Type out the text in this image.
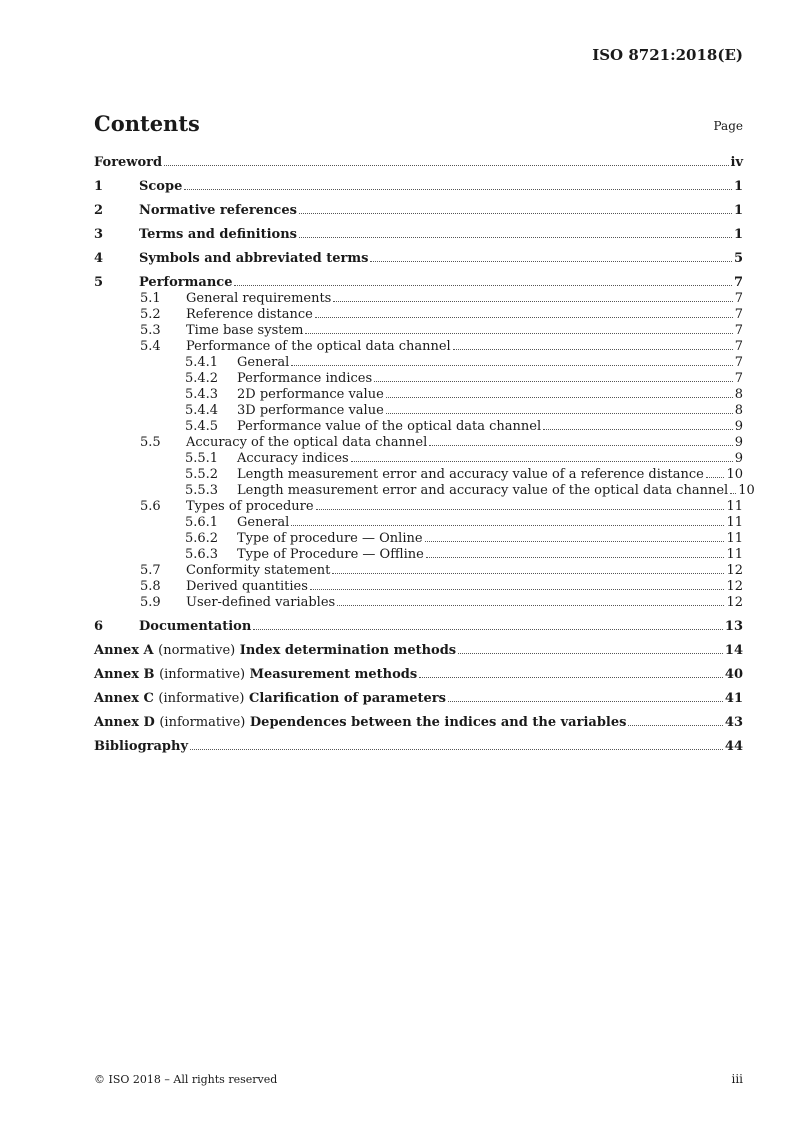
ISO 8721:2018(E)
Contents	Page
Foreword	iv
1	Scope	1
2	Normative references	1
3	Terms and definitions	1
4	Symbols and abbreviated terms	5
5	Performance	7
5.1	General requirements	7
5.2	Reference distance	7
5.3	Time base system	7
5.4	Performance of the optical data channel	7
5.4.1	General	7
5.4.2	Performance indices	7
5.4.3	2D performance value	8
5.4.4	3D performance value	8
5.4.5	Performance value of the optical data channel	9
5.5	Accuracy of the optical data channel	9
5.5.1	Accuracy indices	9
5.5.2	Length measurement error and accuracy value of a reference distance 10
5.5.3	Length measurement error and accuracy value of the optical data channel 10
5.6	Types of procedure	11
5.6.1	General	11
5.6.2	Type of procedure — Online	11
5.6.3	Type of Procedure — Offline	11
5.7	Conformity statement	12
5.8	Derived quantities	12
5.9	User-defined variables	12
6	Documentation	13
Annex A (normative) Index determination methods	14
Annex B (informative) Measurement methods	40
Annex C (informative) Clarification of parameters	41
Annex D (informative) Dependences between the indices and the variables	43
Bibliography	44
© ISO 2018 – All rights reserved	iii
